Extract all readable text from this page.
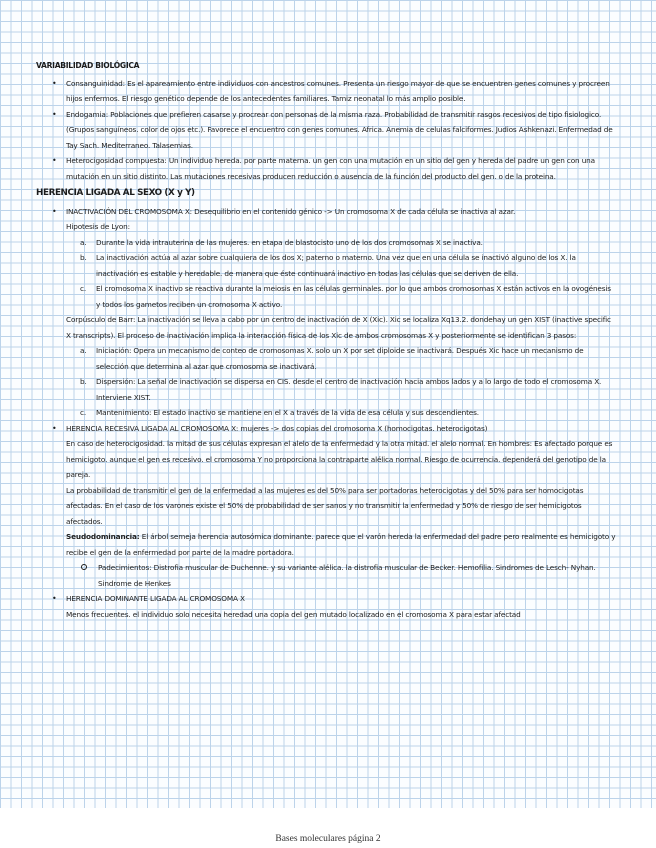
VARIABILIDAD BIOLÓGICA

• Consanguinidad: Es el apareamiento entre individuos con ancestros comunes. Presenta un riesgo mayor de que se encuentren genes comunes y procreen hijos enfermos. El riesgo genético depende de los antecedentes familiares. Tamiz neonatal lo más amplio posible.
• Endogamia: Poblaciones que prefieren casarse y procrear con personas de la misma raza. Probabilidad de transmitir rasgos recesivos de tipo fisiologico. (Grupos sanguíneos. color de ojos etc.). Favorece el encuentro con genes comunes. Africa. Anemia de celulas falciformes. Judios Ashkenazi. Enfermedad de Tay Sach. Mediterraneo. Talasemias.
• Heterocigosidad compuesta: Un individuo hereda. por parte materna. un gen con una mutación en un sitio del gen y hereda del padre un gen con una mutación en un sitio distinto. Las mutaciones recesivas producen reducción o ausencia de la función del producto del gen. o de la proteina.

HERENCIA LIGADA AL SEXO (X y Y)

• INACTIVACIÓN DEL CROMOSOMA X: Desequilibrio en el contenido génico -> Un cromosoma X de cada célula se inactiva al azar.

Hipotesis de Lyon:

a. Durante la vida intrauterina de las mujeres. en etapa de blastocisto uno de los dos cromosomas X se inactiva.
b. La inactivación actúa al azar sobre cualquiera de los dos X; paterno o materno. Una vez que en una célula se inactivó alguno de los X. la inactivación es estable y heredable. de manera que éste continuará inactivo en todas las células que se deriven de ella.
c. El cromosoma X inactivo se reactiva durante la meiosis en las células germinales. por lo que ambos cromosomas X están activos en la ovogénesis y todos los gametos reciben un cromosoma X activo.

Corpúsculo de Barr: La inactivación se lleva a cabo por un centro de inactivación de X (Xic). Xic se localiza Xq13.2. dondehay un gen XIST (inactive specific X transcripts). El proceso de inactivación implica la interacción física de los Xic de ambos cromosomas X y posteriormente se identifican 3 pasos:

a. Iniciación: Opera un mecanismo de conteo de cromosomas X. solo un X por set diploide se inactivará. Después Xic hace un mecanismo de selección que determina al azar que cromosoma se inactivará.
b. Dispersión: La señal de inactivación se dispersa en CIS. desde el centro de inactivación hacia ambos lados y a lo largo de todo el cromosoma X. Interviene XIST.
c. Mantenimiento: El estado inactivo se mantiene en el X a través de la vida de esa célula y sus descendientes.

• HERENCIA RECESIVA LIGADA AL CROMOSOMA X: mujeres -> dos copias del cromosoma X (homocigotas. heterocigotas)

En caso de heterocigosidad. la mitad de sus células expresan el alelo de la enfermedad y la otra mitad. el alelo normal. En hombres: Es afectado porque es hemicigoto. aunque el gen es recesivo. el cromosoma Y no proporciona la contraparte alélica normal. Riesgo de ocurrencia. dependerá del genotipo de la pareja.

La probabilidad de transmitir el gen de la enfermedad a las mujeres es del 50% para ser portadoras heterocigotas y del 50% para ser homocigotas afectadas. En el caso de los varones existe el 50% de probabilidad de ser sanos y no transmitir la enfermedad y 50% de riesgo de ser hemicigotos afectados.

Seudodominancia: El árbol semeja herencia autosómica dominante. parece que el varón hereda la enfermedad del padre pero realmente es hemicigoto y recibe el gen de la enfermedad por parte de la madre portadora.

Padecimientos: Distrofia muscular de Duchenne. y su variante alélica. la distrofia muscular de Becker. Hemofilia. Sindromes de Lesch- Nyhan. Sindrome de Henkes

• HERENCIA DOMINANTE LIGADA AL CROMOSOMA X

Menos frecuentes. el individuo solo necesita heredad una copia del gen mutado localizado en el cromosoma X para estar afectad

Bases moleculares página 2
